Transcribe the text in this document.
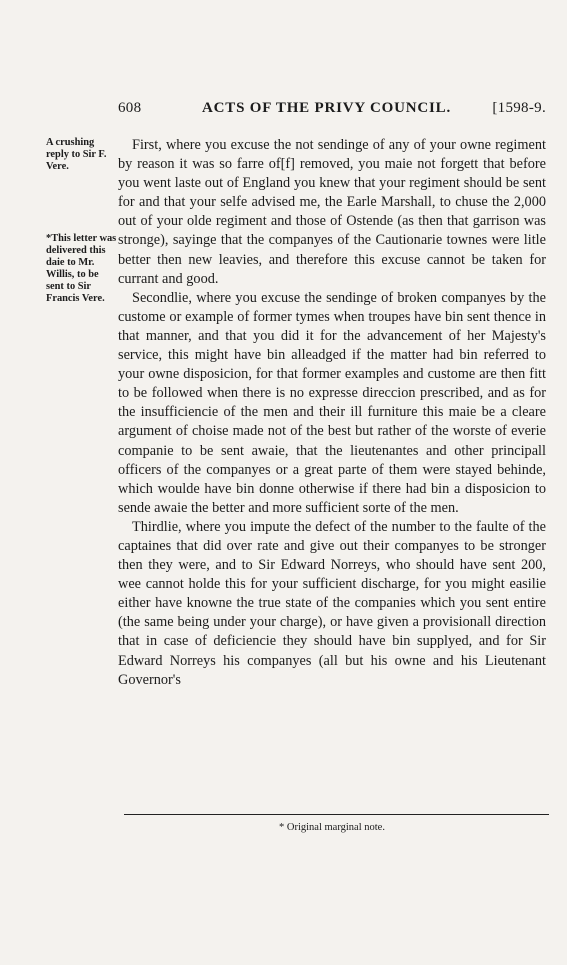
608	ACTS OF THE PRIVY COUNCIL.	[1598-9.

A crushing reply to Sir F. Vere.

*This letter was delivered this daie to Mr. Willis, to be sent to Sir Francis Vere.

First, where you excuse the not sendinge of any of your owne regiment by reason it was so farre of[f] removed, you maie not forgett that before you went laste out of England you knew that your regiment should be sent for and that your selfe advised me, the Earle Marshall, to chuse the 2,000 out of your olde regiment and those of Ostende (as then that garrison was stronge), sayinge that the companyes of the Cautionarie townes were litle better then new leavies, and therefore this excuse cannot be taken for currant and good.

Secondlie, where you excuse the sendinge of broken companyes by the custome or example of former tymes when troupes have bin sent thence in that manner, and that you did it for the advancement of her Majesty's service, this might have bin alleadged if the matter had bin referred to your owne disposicion, for that former examples and custome are then fitt to be followed when there is no expresse direccion prescribed, and as for the insufficiencie of the men and their ill furniture this maie be a cleare argument of choise made not of the best but rather of the worste of everie companie to be sent awaie, that the lieutenantes and other principall officers of the companyes or a great parte of them were stayed behinde, which woulde have bin donne otherwise if there had bin a disposicion to sende awaie the better and more sufficient sorte of the men.

Thirdlie, where you impute the defect of the number to the faulte of the captaines that did over rate and give out their companyes to be stronger then they were, and to Sir Edward Norreys, who should have sent 200, wee cannot holde this for your sufficient discharge, for you might easilie either have knowne the true state of the companies which you sent entire (the same being under your charge), or have given a provisionall direction that in case of deficiencie they should have bin supplyed, and for Sir Edward Norreys his companyes (all but his owne and his Lieutenant Governor's

* Original marginal note.
